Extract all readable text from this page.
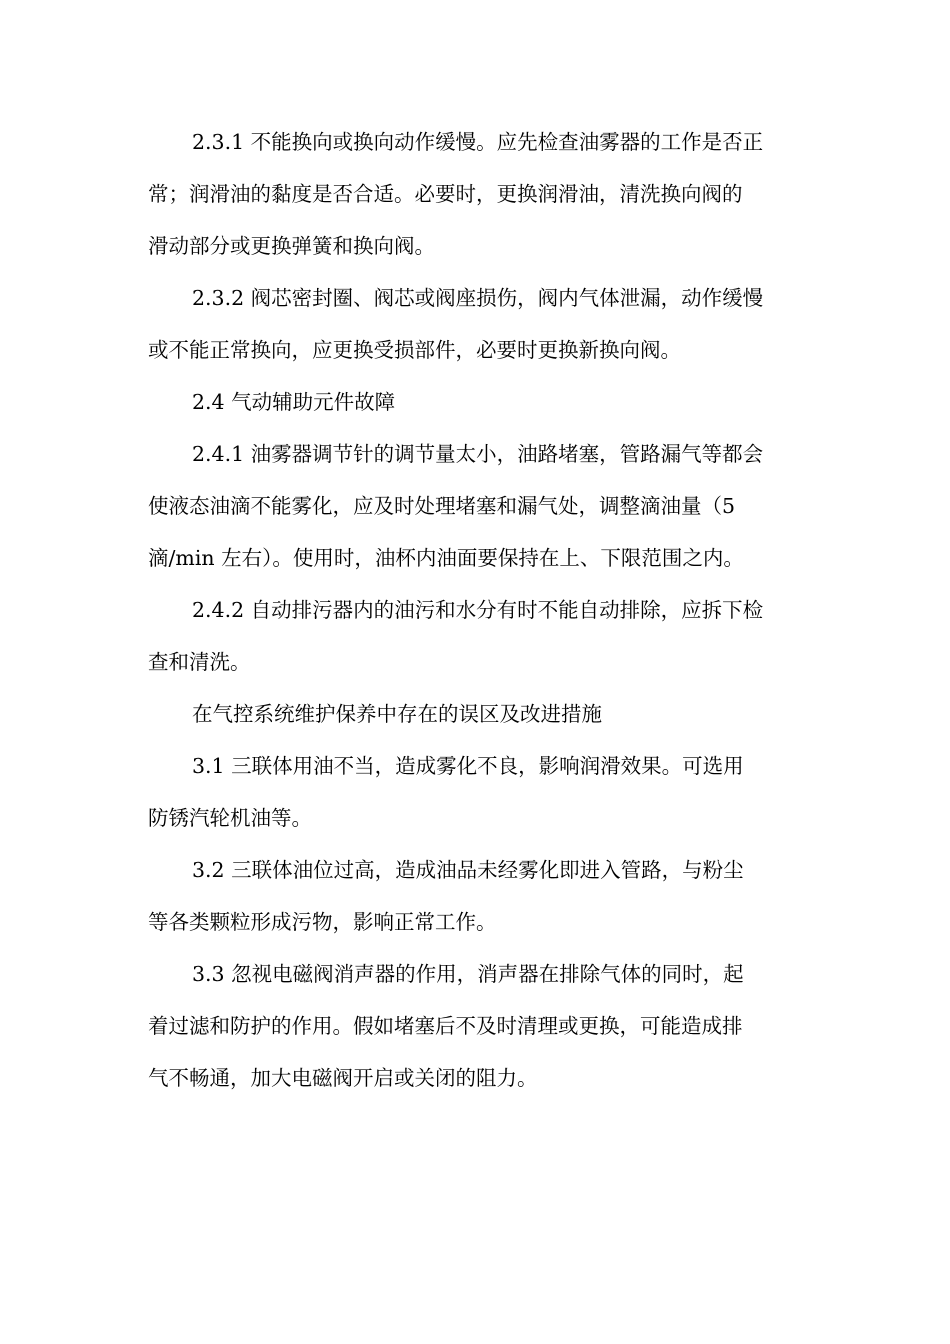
2.3.1 不能换向或换向动作缓慢。应先检查油雾器的工作是否正
常；润滑油的黏度是否合适。必要时，更换润滑油，清洗换向阀的
滑动部分或更换弹簧和换向阀。

2.3.2 阀芯密封圈、阀芯或阀座损伤，阀内气体泄漏，动作缓慢
或不能正常换向，应更换受损部件，必要时更换新换向阀。

2.4 气动辅助元件故障

2.4.1 油雾器调节针的调节量太小，油路堵塞，管路漏气等都会
使液态油滴不能雾化，应及时处理堵塞和漏气处，调整滴油量（5
滴/min 左右）。使用时，油杯内油面要保持在上、下限范围之内。

2.4.2 自动排污器内的油污和水分有时不能自动排除，应拆下检
查和清洗。

在气控系统维护保养中存在的误区及改进措施

3.1 三联体用油不当，造成雾化不良，影响润滑效果。可选用
防锈汽轮机油等。

3.2 三联体油位过高，造成油品未经雾化即进入管路，与粉尘
等各类颗粒形成污物，影响正常工作。

3.3 忽视电磁阀消声器的作用，消声器在排除气体的同时，起
着过滤和防护的作用。假如堵塞后不及时清理或更换，可能造成排
气不畅通，加大电磁阀开启或关闭的阻力。
